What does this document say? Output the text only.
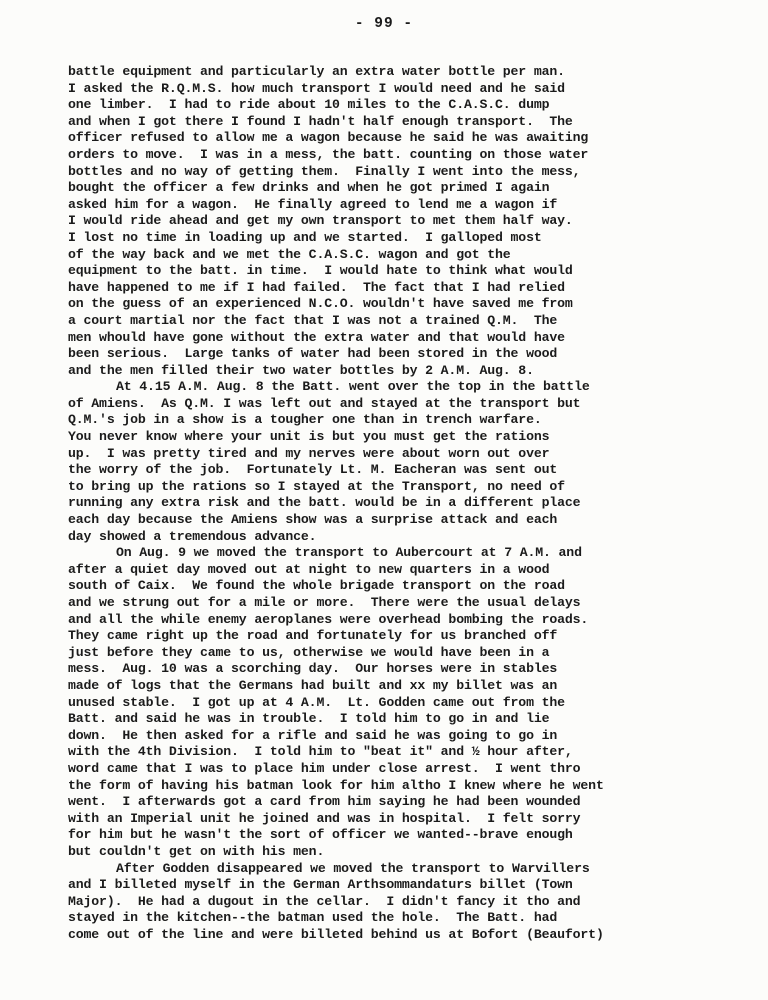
- 99 -
battle equipment and particularly an extra water bottle per man.
I asked the R.Q.M.S. how much transport I would need and he said
one limber.  I had to ride about 10 miles to the C.A.S.C. dump
and when I got there I found I hadn't half enough transport.  The
officer refused to allow me a wagon because he said he was awaiting
orders to move.  I was in a mess, the batt. counting on those water
bottles and no way of getting them.  Finally I went into the mess,
bought the officer a few drinks and when he got primed I again
asked him for a wagon.  He finally agreed to lend me a wagon if
I would ride ahead and get my own transport to met them half way.
I lost no time in loading up and we started.  I galloped most
of the way back and we met the C.A.S.C. wagon and got the
equipment to the batt. in time.  I would hate to think what would
have happened to me if I had failed.  The fact that I had relied
on the guess of an experienced N.C.O. wouldn't have saved me from
a court martial nor the fact that I was not a trained Q.M.  The
men whould have gone without the extra water and that would have
been serious.  Large tanks of water had been stored in the wood
and the men filled their two water bottles by 2 A.M. Aug. 8.
At 4.15 A.M. Aug. 8 the Batt. went over the top in the battle
of Amiens.  As Q.M. I was left out and stayed at the transport but
Q.M.'s job in a show is a tougher one than in trench warfare.
You never know where your unit is but you must get the rations
up.  I was pretty tired and my nerves were about worn out over
the worry of the job.  Fortunately Lt. M. Eacheran was sent out
to bring up the rations so I stayed at the Transport, no need of
running any extra risk and the batt. would be in a different place
each day because the Amiens show was a surprise attack and each
day showed a tremendous advance.
On Aug. 9 we moved the transport to Aubercourt at 7 A.M. and
after a quiet day moved out at night to new quarters in a wood
south of Caix.  We found the whole brigade transport on the road
and we strung out for a mile or more.  There were the usual delays
and all the while enemy aeroplanes were overhead bombing the roads.
They came right up the road and fortunately for us branched off
just before they came to us, otherwise we would have been in a
mess.  Aug. 10 was a scorching day.  Our horses were in stables
made of logs that the Germans had built and xx my billet was an
unused stable.  I got up at 4 A.M.  Lt. Godden came out from the
Batt. and said he was in trouble.  I told him to go in and lie
down.  He then asked for a rifle and said he was going to go in
with the 4th Division.  I told him to "beat it" and ½ hour after,
word came that I was to place him under close arrest.  I went thro
the form of having his batman look for him altho I knew where he went
went.  I afterwards got a card from him saying he had been wounded
with an Imperial unit he joined and was in hospital.  I felt sorry
for him but he wasn't the sort of officer we wanted--brave enough
but couldn't get on with his men.
After Godden disappeared we moved the transport to Warvillers
and I billeted myself in the German Arthsommandaturs billet (Town
Major).  He had a dugout in the cellar.  I didn't fancy it tho and
stayed in the kitchen--the batman used the hole.  The Batt. had
come out of the line and were billeted behind us at Bofort (Beaufort)
